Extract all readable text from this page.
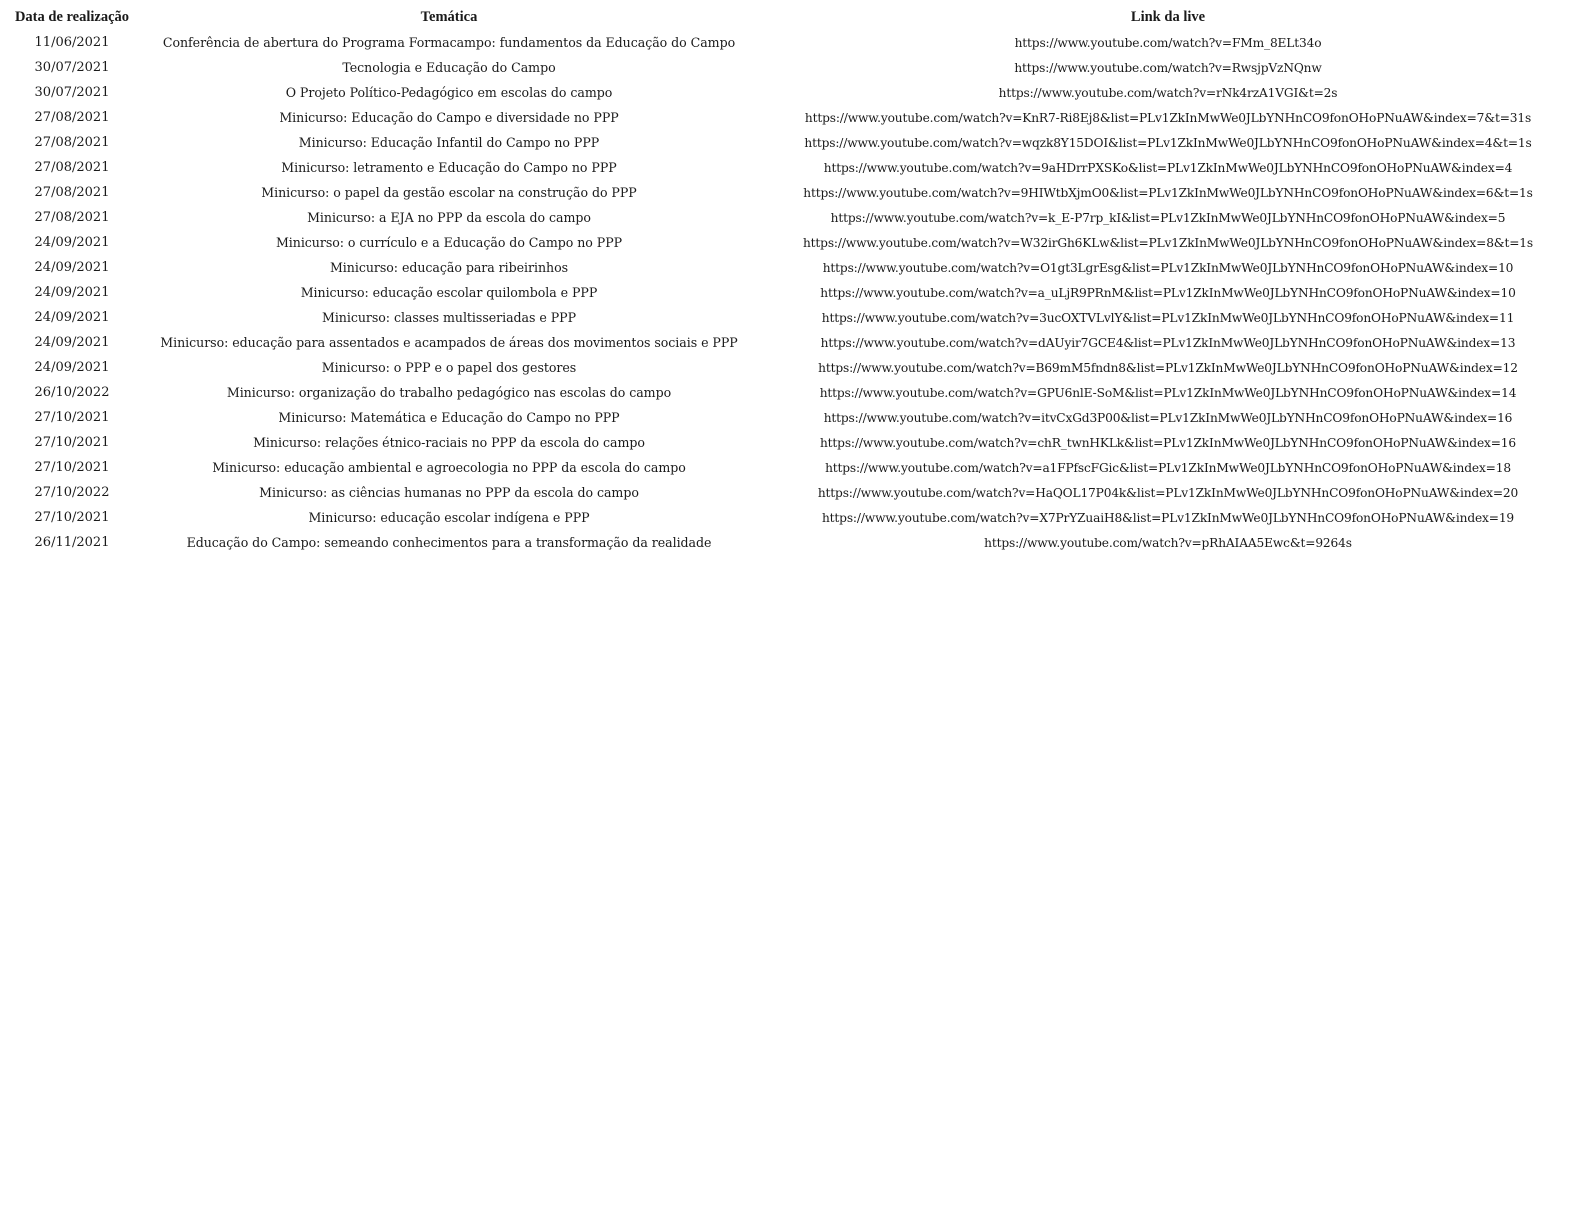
Data de realização	Temática	Link da live
11/06/2021	Conferência de abertura do Programa Formacampo: fundamentos da Educação do Campo	https://www.youtube.com/watch?v=FMm_8ELt34o
30/07/2021	Tecnologia e Educação do Campo	https://www.youtube.com/watch?v=RwsjpVzNQnw
30/07/2021	O Projeto Político-Pedagógico em escolas do campo	https://www.youtube.com/watch?v=rNk4rzA1VGI&t=2s
27/08/2021	Minicurso: Educação do Campo e diversidade no PPP	https://www.youtube.com/watch?v=KnR7-Ri8Ej8&list=PLv1ZkInMwWe0JLbYNHnCO9fonOHoPNuAW&index=7&t=31s
27/08/2021	Minicurso: Educação Infantil do Campo no PPP	https://www.youtube.com/watch?v=wqzk8Y15DOI&list=PLv1ZkInMwWe0JLbYNHnCO9fonOHoPNuAW&index=4&t=1s
27/08/2021	Minicurso: letramento e Educação do Campo no PPP	https://www.youtube.com/watch?v=9aHDrrPXSKo&list=PLv1ZkInMwWe0JLbYNHnCO9fonOHoPNuAW&index=4
27/08/2021	Minicurso: o papel da gestão escolar na construção do PPP	https://www.youtube.com/watch?v=9HIWtbXjmO0&list=PLv1ZkInMwWe0JLbYNHnCO9fonOHoPNuAW&index=6&t=1s
27/08/2021	Minicurso: a EJA no PPP da escola do campo	https://www.youtube.com/watch?v=k_E-P7rp_kI&list=PLv1ZkInMwWe0JLbYNHnCO9fonOHoPNuAW&index=5
24/09/2021	Minicurso: o currículo e a Educação do Campo no PPP	https://www.youtube.com/watch?v=W32irGh6KLw&list=PLv1ZkInMwWe0JLbYNHnCO9fonOHoPNuAW&index=8&t=1s
24/09/2021	Minicurso: educação para ribeirinhos	https://www.youtube.com/watch?v=O1gt3LgrEsg&list=PLv1ZkInMwWe0JLbYNHnCO9fonOHoPNuAW&index=10
24/09/2021	Minicurso: educação escolar quilombola e PPP	https://www.youtube.com/watch?v=a_uLjR9PRnM&list=PLv1ZkInMwWe0JLbYNHnCO9fonOHoPNuAW&index=10
24/09/2021	Minicurso: classes multisseriadas e PPP	https://www.youtube.com/watch?v=3ucOXTVLvlY&list=PLv1ZkInMwWe0JLbYNHnCO9fonOHoPNuAW&index=11
24/09/2021	Minicurso: educação para assentados e acampados de áreas dos movimentos sociais e PPP	https://www.youtube.com/watch?v=dAUyir7GCE4&list=PLv1ZkInMwWe0JLbYNHnCO9fonOHoPNuAW&index=13
24/09/2021	Minicurso: o PPP e o papel dos gestores	https://www.youtube.com/watch?v=B69mM5fndn8&list=PLv1ZkInMwWe0JLbYNHnCO9fonOHoPNuAW&index=12
26/10/2022	Minicurso: organização do trabalho pedagógico nas escolas do campo	https://www.youtube.com/watch?v=GPU6nlE-SoM&list=PLv1ZkInMwWe0JLbYNHnCO9fonOHoPNuAW&index=14
27/10/2021	Minicurso: Matemática e Educação do Campo no PPP	https://www.youtube.com/watch?v=itvCxGd3P00&list=PLv1ZkInMwWe0JLbYNHnCO9fonOHoPNuAW&index=16
27/10/2021	Minicurso: relações étnico-raciais no PPP da escola do campo	https://www.youtube.com/watch?v=chR_twnHKLk&list=PLv1ZkInMwWe0JLbYNHnCO9fonOHoPNuAW&index=16
27/10/2021	Minicurso: educação ambiental e agroecologia no PPP da escola do campo	https://www.youtube.com/watch?v=a1FPfscFGic&list=PLv1ZkInMwWe0JLbYNHnCO9fonOHoPNuAW&index=18
27/10/2022	Minicurso: as ciências humanas no PPP da escola do campo	https://www.youtube.com/watch?v=HaQOL17P04k&list=PLv1ZkInMwWe0JLbYNHnCO9fonOHoPNuAW&index=20
27/10/2021	Minicurso: educação escolar indígena e PPP	https://www.youtube.com/watch?v=X7PrYZuaiH8&list=PLv1ZkInMwWe0JLbYNHnCO9fonOHoPNuAW&index=19
26/11/2021	Educação do Campo: semeando conhecimentos para a transformação da realidade	https://www.youtube.com/watch?v=pRhAIAA5Ewc&t=9264s
